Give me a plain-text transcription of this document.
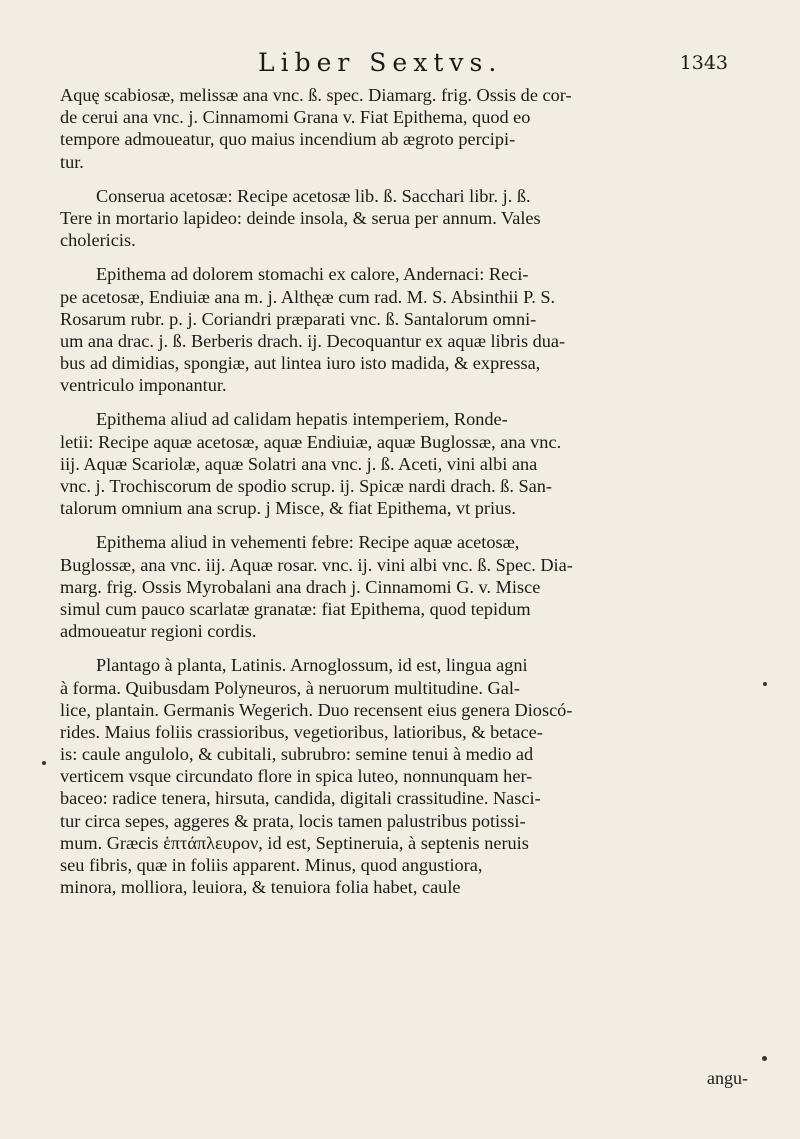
Liber Sextvs.	1343
Aquę scabiosæ, melissæ ana vnc. ß. spec. Diamarg. frig. Ossis de cor-
de cerui ana vnc. j. Cinnamomi Grana v. Fiat Epithema, quod eo
tempore admoueatur, quo maius incendium ab ægroto percipi-
tur.
Conserua acetosæ: Recipe acetosæ lib. ß. Sacchari libr. j. ß.
Tere in mortario lapideo: deinde insola, & serua per annum. Vales
cholericis.
Epithema ad dolorem stomachi ex calore, Andernaci: Reci-
pe acetosæ, Endiuiæ ana m. j. Althęæ cum rad. M. S. Absinthii P. S.
Rosarum rubr. p. j. Coriandri præparati vnc. ß. Santalorum omni-
um ana drac. j. ß. Berberis drach. ij. Decoquantur ex aquæ libris dua-
bus ad dimidias, spongiæ, aut lintea iuro isto madida, & expressa,
ventriculo imponantur.
Epithema aliud ad calidam hepatis intemperiem, Ronde-
letii: Recipe aquæ acetosæ, aquæ Endiuiæ, aquæ Buglossæ, ana vnc.
iij. Aquæ Scariolæ, aquæ Solatri ana vnc. j. ß. Aceti, vini albi ana
vnc. j. Trochiscorum de spodio scrup. ij. Spicæ nardi drach. ß. San-
talorum omnium ana scrup. j Misce, & fiat Epithema, vt prius.
Epithema aliud in vehementi febre: Recipe aquæ acetosæ,
Buglossæ, ana vnc. iij. Aquæ rosar. vnc. ij. vini albi vnc. ß. Spec. Dia-
marg. frig. Ossis Myrobalani ana drach j. Cinnamomi G. v. Misce
simul cum pauco scarlatæ granatæ: fiat Epithema, quod tepidum
admoueatur regioni cordis.
Plantago à planta, Latinis. Arnoglossum, id est, lingua agni
à forma. Quibusdam Polyneuros, à neruorum multitudine. Gal-
lice, plantain. Germanis Wegerich. Duo recensent eius genera Dioscó-
rides. Maius foliis crassioribus, vegetioribus, latioribus, & betace-
is: caule angulolo, & cubitali, subrubro: semine tenui à medio ad
verticem vsque circundato flore in spica luteo, nonnunquam her-
baceo: radice tenera, hirsuta, candida, digitali crassitudine. Nasci-
tur circa sepes, aggeres & prata, locis tamen palustribus potissi-
mum. Græcis ἑπτάπλευρον, id est, Septineruia, à septenis neruis
seu fibris, quæ in foliis apparent. Minus, quod angustiora,
minora, molliora, leuiora, & tenuiora folia habet, caule
angu-
